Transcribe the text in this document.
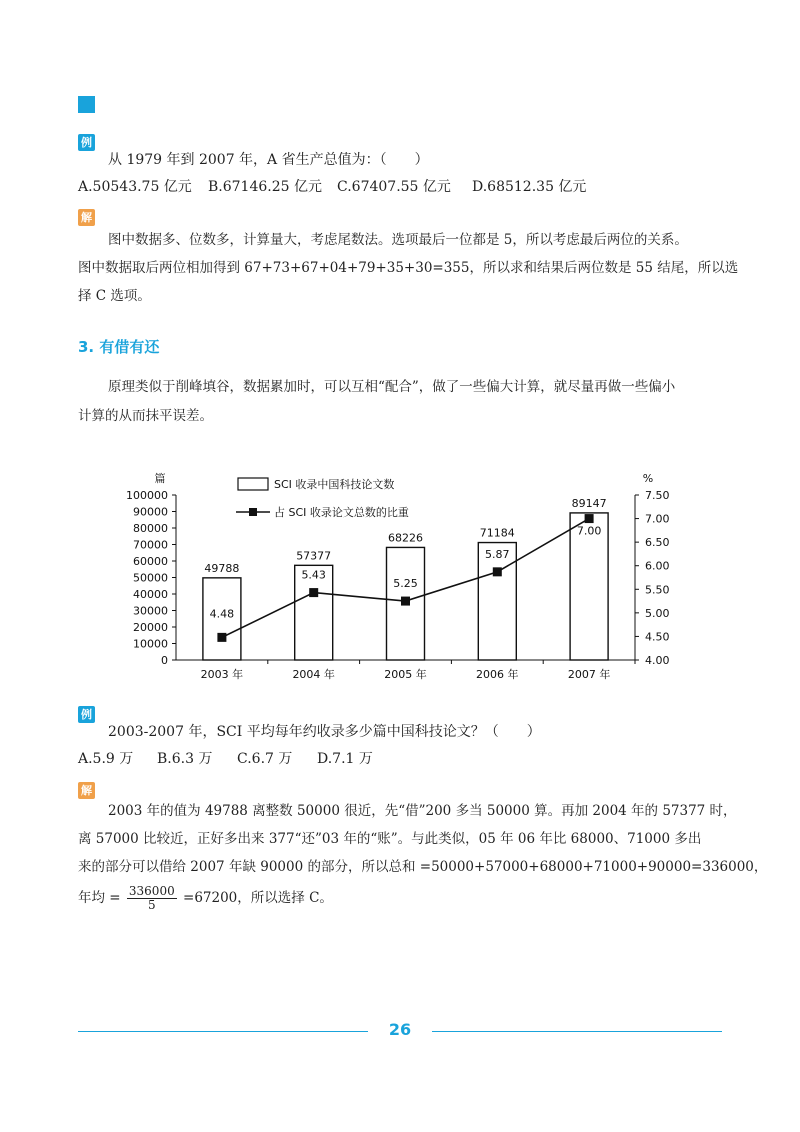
例
从 1979 年到 2007 年，A 省生产总值为：（　　）
A.50543.75 亿元 B.67146.25 亿元 C.67407.55 亿元 D.68512.35 亿元
解
图中数据多、位数多，计算量大，考虑尾数法。选项最后一位都是 5，所以考虑最后两位的关系。
图中数据取后两位相加得到 67+73+67+04+79+35+30=355，所以求和结果后两位数是 55 结尾，所以选
择 C 选项。
3. 有借有还
原理类似于削峰填谷，数据累加时，可以互相“配合”，做了一些偏大计算，就尽量再做一些偏小
计算的从而抹平误差。
0
10000
20000
30000
40000
50000
60000
70000
80000
90000
100000
篇
4.00
4.50
5.00
5.50
6.00
6.50
7.00
7.50
%
49788
2003 年
57377
2004 年
68226
2005 年
71184
2006 年
89147
2007 年
4.48
5.43
5.25
5.87
7.00
SCI 收录中国科技论文数
占 SCI 收录论文总数的比重
例
2003-2007 年，SCI 平均每年约收录多少篇中国科技论文？（　　）
A.5.9 万 B.6.3 万 C.6.7 万 D.7.1 万
解
2003 年的值为 49788 离整数 50000 很近，先“借”200 多当 50000 算。再加 2004 年的 57377 时，
离 57000 比较近，正好多出来 377“还”03 年的“账”。与此类似，05 年 06 年比 68000、71000 多出
来的部分可以借给 2007 年缺 90000 的部分，所以总和 =50000+57000+68000+71000+90000=336000，
年均 = $\frac{336000}{5} =67200$，所以选择 C。
26
